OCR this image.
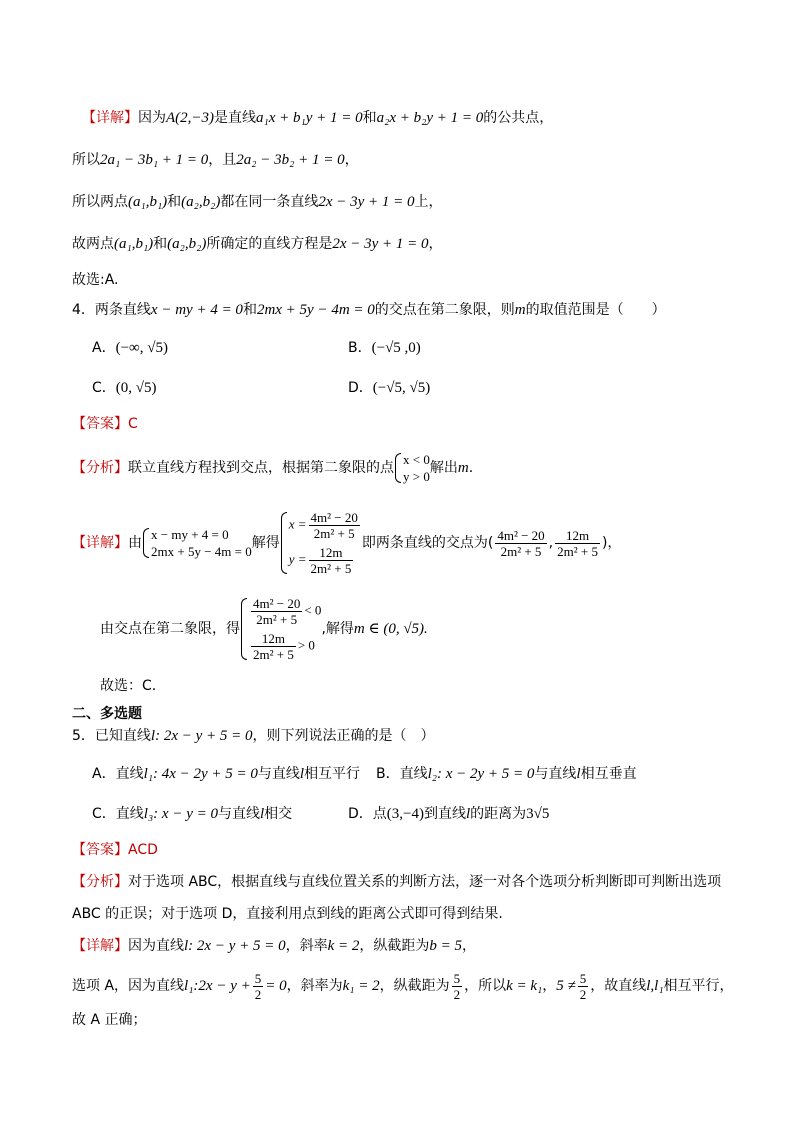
【详解】因为A(2,−3)是直线a₁x + b₁y + 1 = 0和a₂x + b₂y + 1 = 0的公共点，
所以2a₁ − 3b₁ + 1 = 0，且2a₂ − 3b₂ + 1 = 0，
所以两点(a₁,b₁)和(a₂,b₂)都在同一条直线2x − 3y + 1 = 0上，
故两点(a₁,b₁)和(a₂,b₂)所确定的直线方程是2x − 3y + 1 = 0，
故选:A.
4．两条直线x − my + 4 = 0和2mx + 5y − 4m = 0的交点在第二象限，则m的取值范围是（　　）
A．(−∞, √5)	B．(−√5 ,0)
C．(0, √5)	D．(−√5, √5)
【答案】C
【分析】联立直线方程找到交点，根据第二象限的点
x < 0
y > 0
解出m.
【详解】由
x − my + 4 = 0
2mx + 5y − 4m = 0
解得
$x = \frac{\text{4m² − 20}}{\text{2m² + 5}}$
$y = \frac{12m}{\text{2m² + 5}}$
即两条直线的交点为( $\frac{\text{4m² − 20}}{\text{2m² + 5}}$ , $\frac{12m}{\text{2m² + 5}}$ )，
由交点在第二象限，得
$\frac{\text{4m² − 20}}{\text{2m² + 5}} < 0$
$\frac{12m}{\text{2m² + 5}} > 0$
,解得m ∈ (0, √5).
故选：C.
二、多选题
5．已知直线l: 2x − y + 5 = 0，则下列说法正确的是（　）
A．直线l₁: 4x − 2y + 5 = 0与直线l相互平行 B．直线l₂: x − 2y + 5 = 0与直线l相互垂直
C．直线l₃: x − y = 0与直线l相交	D．点(3,−4)到直线l的距离为3√5
【答案】ACD
【分析】对于选项 ABC，根据直线与直线位置关系的判断方法，逐一对各个选项分析判断即可判断出选项
ABC 的正误；对于选项 D，直接利用点到线的距离公式即可得到结果.
【详解】因为直线l: 2x − y + 5 = 0，斜率k = 2，纵截距为b = 5，
选项 A，因为直线l₁:2x − $y + \frac{5}{2} = 0$，斜率为k₁ = 2，纵截距为 $\frac{5}{2}$ ，所以k = k₁，$5 \ne \frac{5}{2}$ ，故直线l,l₁相互平行，
故 A 正确；
